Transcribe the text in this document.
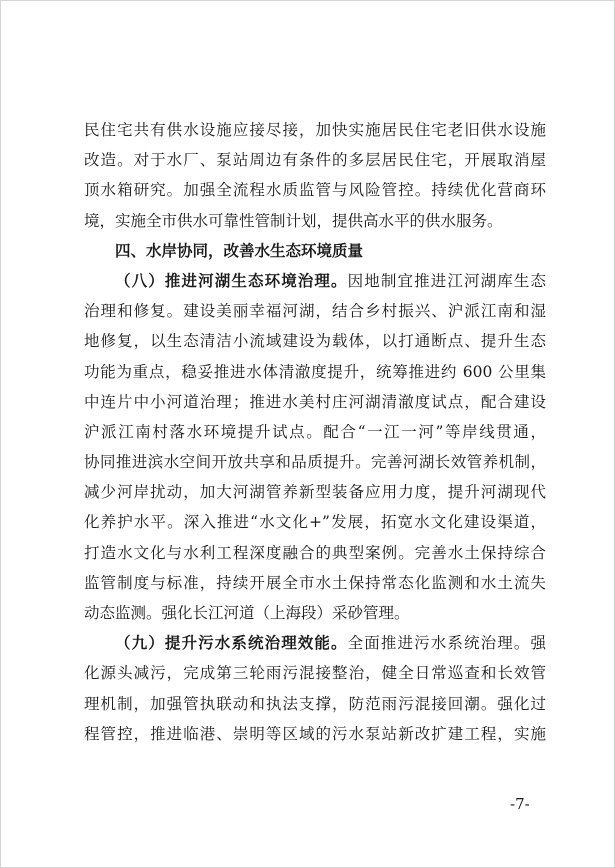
民住宅共有供水设施应接尽接，加快实施居民住宅老旧供水设施
改造。对于水厂、泵站周边有条件的多层居民住宅，开展取消屋
顶水箱研究。加强全流程水质监管与风险管控。持续优化营商环
境，实施全市供水可靠性管制计划，提供高水平的供水服务。
四、水岸协同，改善水生态环境质量
（八）推进河湖生态环境治理。因地制宜推进江河湖库生态
治理和修复。建设美丽幸福河湖，结合乡村振兴、沪派江南和湿
地修复，以生态清洁小流域建设为载体，以打通断点、提升生态
功能为重点，稳妥推进水体清澈度提升，统筹推进约 600 公里集
中连片中小河道治理；推进水美村庄河湖清澈度试点，配合建设
沪派江南村落水环境提升试点。配合“一江一河”等岸线贯通，
协同推进滨水空间开放共享和品质提升。完善河湖长效管养机制，
减少河岸扰动，加大河湖管养新型装备应用力度，提升河湖现代
化养护水平。深入推进“水文化+”发展，拓宽水文化建设渠道，
打造水文化与水利工程深度融合的典型案例。完善水土保持综合
监管制度与标准，持续开展全市水土保持常态化监测和水土流失
动态监测。强化长江河道（上海段）采砂管理。
（九）提升污水系统治理效能。全面推进污水系统治理。强
化源头减污，完成第三轮雨污混接整治，健全日常巡查和长效管
理机制，加强管执联动和执法支撑，防范雨污混接回潮。强化过
程管控，推进临港、崇明等区域的污水泵站新改扩建工程，实施
-7-
